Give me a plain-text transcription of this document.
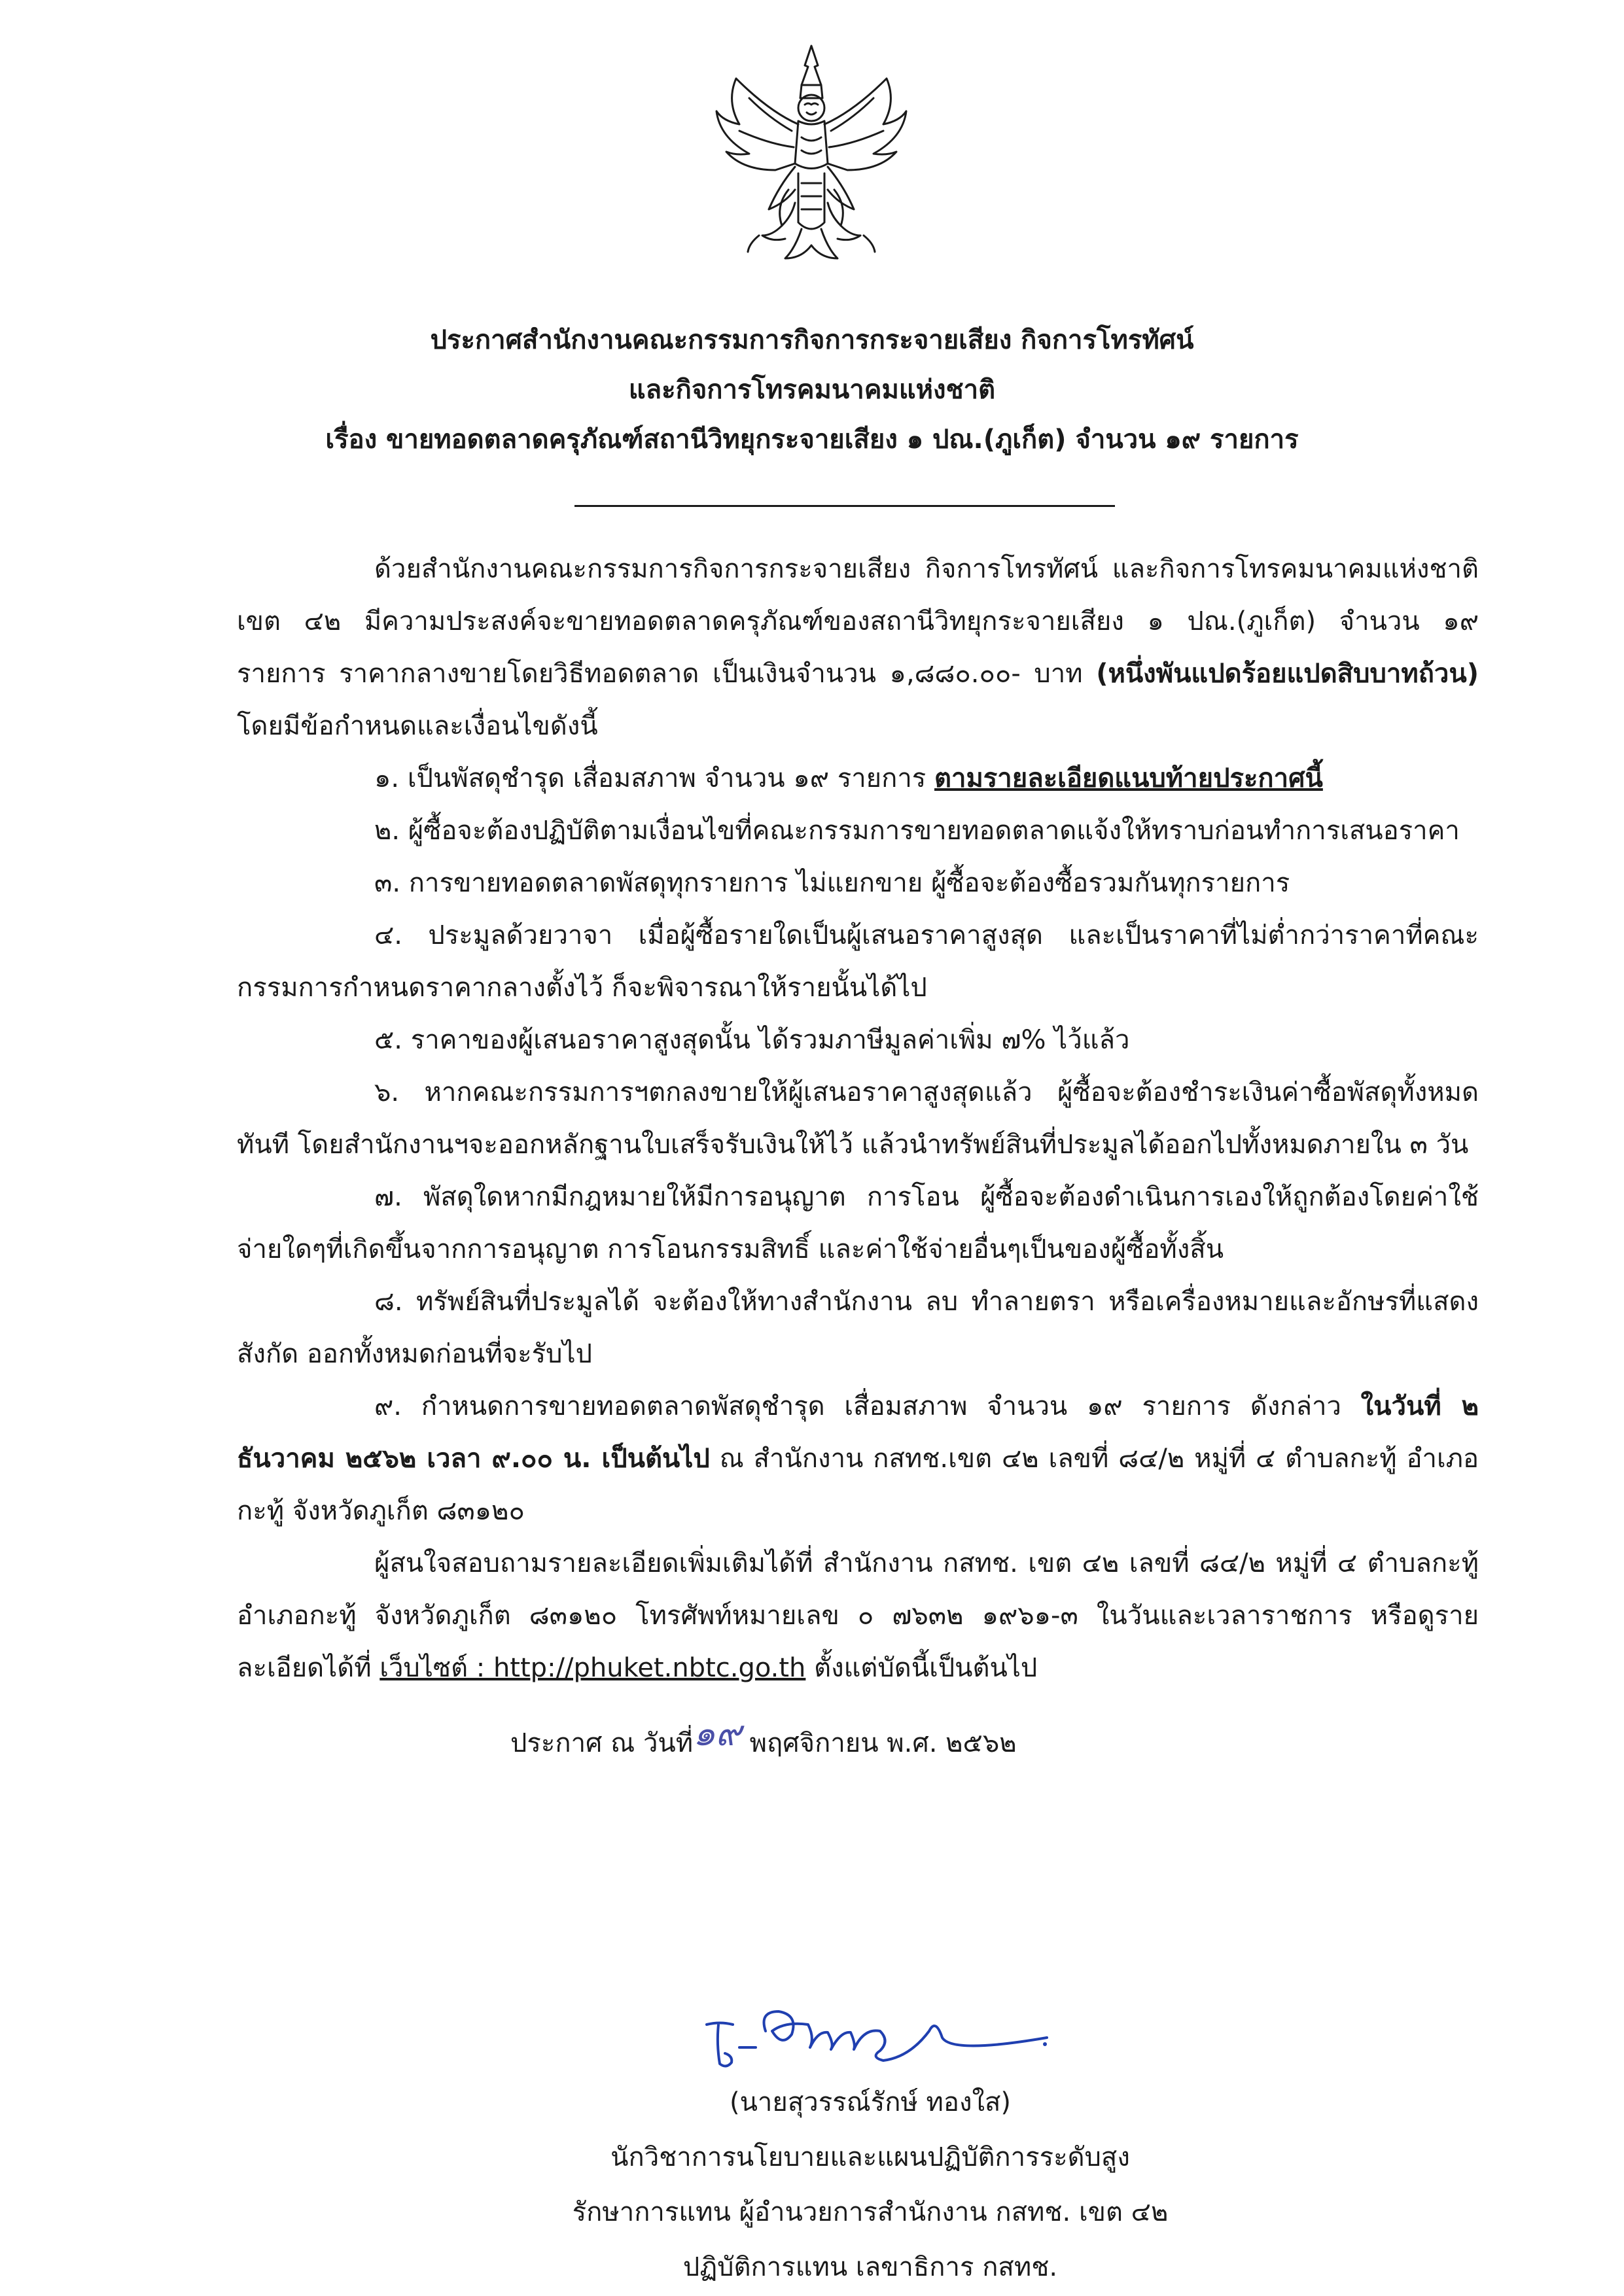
ประกาศสำนักงานคณะกรรมการกิจการกระจายเสียง กิจการโทรทัศน์
และกิจการโทรคมนาคมแห่งชาติ
เรื่อง ขายทอดตลาดครุภัณฑ์สถานีวิทยุกระจายเสียง ๑ ปณ.(ภูเก็ต) จำนวน ๑๙ รายการ

ด้วยสำนักงานคณะกรรมการกิจการกระจายเสียง กิจการโทรทัศน์ และกิจการโทรคมนาคมแห่งชาติ เขต ๔๒ มีความประสงค์จะขายทอดตลาดครุภัณฑ์ของสถานีวิทยุกระจายเสียง ๑ ปณ.(ภูเก็ต) จำนวน ๑๙ รายการ ราคากลางขายโดยวิธีทอดตลาด เป็นเงินจำนวน ๑,๘๘๐.๐๐- บาท (หนึ่งพันแปดร้อยแปดสิบบาทถ้วน) โดยมีข้อกำหนดและเงื่อนไขดังนี้

๑. เป็นพัสดุชำรุด เสื่อมสภาพ จำนวน ๑๙ รายการ ตามรายละเอียดแนบท้ายประกาศนี้

๒. ผู้ซื้อจะต้องปฏิบัติตามเงื่อนไขที่คณะกรรมการขายทอดตลาดแจ้งให้ทราบก่อนทำการเสนอราคา

๓. การขายทอดตลาดพัสดุทุกรายการ ไม่แยกขาย ผู้ซื้อจะต้องซื้อรวมกันทุกรายการ

๔. ประมูลด้วยวาจา เมื่อผู้ซื้อรายใดเป็นผู้เสนอราคาสูงสุด และเป็นราคาที่ไม่ต่ำกว่าราคาที่คณะกรรมการกำหนดราคากลางตั้งไว้ ก็จะพิจารณาให้รายนั้นได้ไป

๕. ราคาของผู้เสนอราคาสูงสุดนั้น ได้รวมภาษีมูลค่าเพิ่ม ๗% ไว้แล้ว

๖. หากคณะกรรมการฯตกลงขายให้ผู้เสนอราคาสูงสุดแล้ว ผู้ซื้อจะต้องชำระเงินค่าซื้อพัสดุทั้งหมดทันที โดยสำนักงานฯจะออกหลักฐานใบเสร็จรับเงินให้ไว้ แล้วนำทรัพย์สินที่ประมูลได้ออกไปทั้งหมดภายใน ๓ วัน

๗. พัสดุใดหากมีกฎหมายให้มีการอนุญาต การโอน ผู้ซื้อจะต้องดำเนินการเองให้ถูกต้องโดยค่าใช้จ่ายใดๆที่เกิดขึ้นจากการอนุญาต การโอนกรรมสิทธิ์ และค่าใช้จ่ายอื่นๆเป็นของผู้ซื้อทั้งสิ้น

๘. ทรัพย์สินที่ประมูลได้ จะต้องให้ทางสำนักงาน ลบ ทำลายตรา หรือเครื่องหมายและอักษรที่แสดงสังกัด ออกทั้งหมดก่อนที่จะรับไป

๙. กำหนดการขายทอดตลาดพัสดุชำรุด เสื่อมสภาพ จำนวน ๑๙ รายการ ดังกล่าว ในวันที่ ๒ ธันวาคม ๒๕๖๒ เวลา ๙.๐๐ น. เป็นต้นไป ณ สำนักงาน กสทช.เขต ๔๒ เลขที่ ๘๔/๒ หมู่ที่ ๔ ตำบลกะทู้ อำเภอกะทู้ จังหวัดภูเก็ต ๘๓๑๒๐

ผู้สนใจสอบถามรายละเอียดเพิ่มเติมได้ที่ สำนักงาน กสทช. เขต ๔๒ เลขที่ ๘๔/๒ หมู่ที่ ๔ ตำบลกะทู้ อำเภอกะทู้ จังหวัดภูเก็ต ๘๓๑๒๐ โทรศัพท์หมายเลข ๐ ๗๖๓๒ ๑๙๖๑-๓ ในวันและเวลาราชการ หรือดูรายละเอียดได้ที่ เว็บไซต์ : http://phuket.nbtc.go.th ตั้งแต่บัดนี้เป็นต้นไป

ประกาศ ณ วันที่๑๙ พฤศจิกายน พ.ศ. ๒๕๖๒
(นายสุวรรณ์รักษ์ ทองใส)
นักวิชาการนโยบายและแผนปฏิบัติการระดับสูง
รักษาการแทน ผู้อำนวยการสำนักงาน กสทช. เขต ๔๒
ปฏิบัติการแทน เลขาธิการ กสทช.
